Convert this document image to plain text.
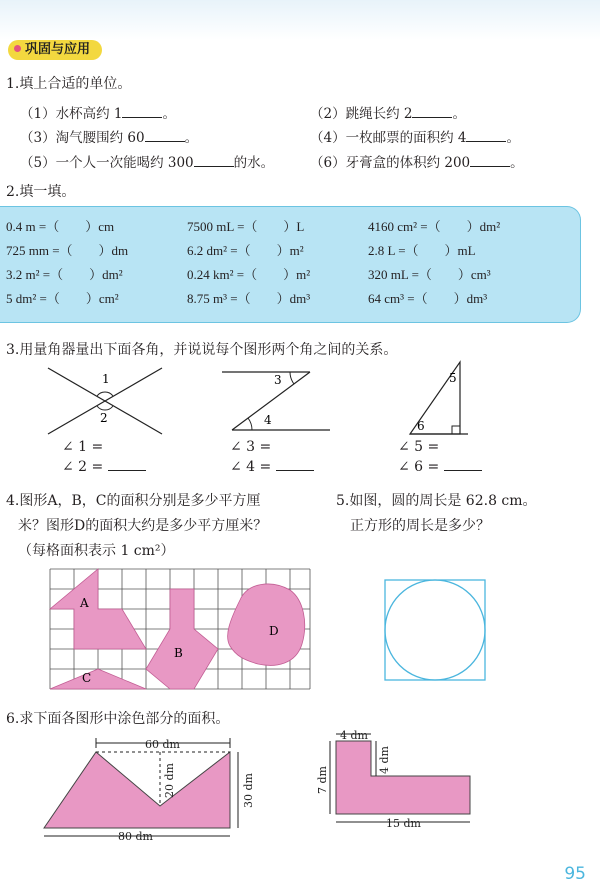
巩固与应用
1.填上合适的单位。
（1）水杯高约 1	。	（2）跳绳长约 2	。
（3）淘气腰围约 60	。	（4）一枚邮票的面积约 4	。
（5）一个人一次能喝约 300	的水。	（6）牙膏盒的体积约 200	。
2.填一填。
0.4 m =（　　）cm	7500 mL =（　　）L	4160 cm² =（　　）dm²
725 mm =（　　）dm	6.2 dm² =（　　）m²	2.8 L =（　　）mL
3.2 m² =（　　）dm²	0.24 km² =（　　）m²	320 mL =（　　）cm³
5 dm² =（　　）cm²	8.75 m³ =（　　）dm³	64 cm³ =（　　）dm³
3.用量角器量出下面各角，并说说每个图形两个角之间的关系。
1
2
3
4
5
6
∠ 1 =
∠ 2 =
∠ 3 =
∠ 4 =
∠ 5 =
∠ 6 =
4.图形A，B，C的面积分别是多少平方厘
米？图形D的面积大约是多少平方厘米？
（每格面积表示 1 cm²）
A
B
C
D
5.如图，圆的周长是 62.8 cm。
正方形的周长是多少？
6.求下面各图形中涂色部分的面积。
60 dm
20 dm	30 dm
80 dm
4 dm
4 dm
7 dm
15 dm
95
